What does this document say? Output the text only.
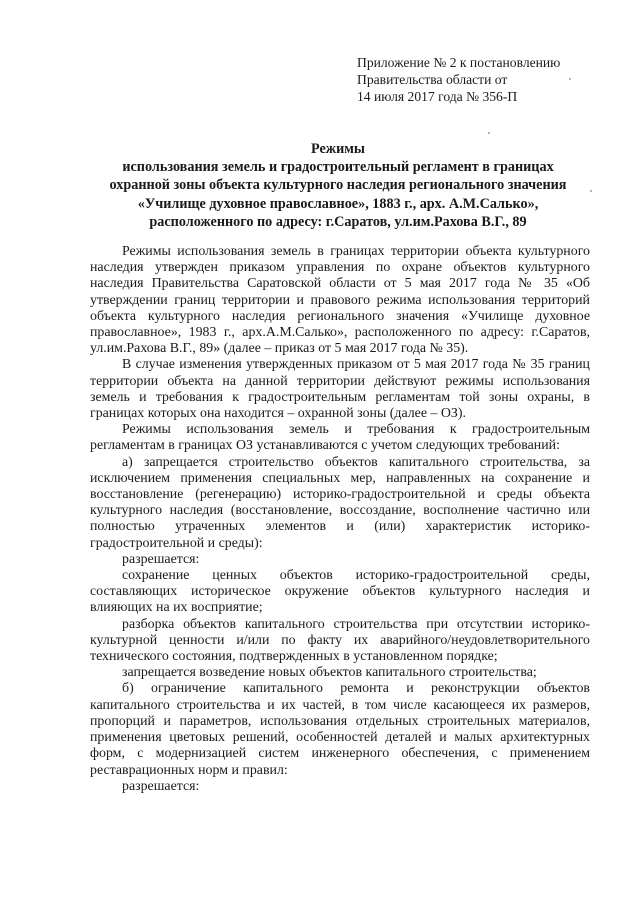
Приложение № 2 к постановлению
Правительства области от
14 июля 2017 года № 356-П
Режимы
использования земель и градостроительный регламент в границах
охранной зоны объекта культурного наследия регионального значения
«Училище духовное православное», 1883 г., арх. А.М.Салько»,
расположенного по адресу: г.Саратов, ул.им.Рахова В.Г., 89

Режимы использования земель в границах территории объекта культурного наследия утвержден приказом управления по охране объектов культурного наследия Правительства Саратовской области от 5 мая 2017 года № 35 «Об утверждении границ территории и правового режима использования территорий объекта культурного наследия регионального значения «Училище духовное православное», 1983 г., арх.А.М.Салько», расположенного по адресу: г.Саратов, ул.им.Рахова В.Г., 89» (далее – приказ от 5 мая 2017 года № 35).

В случае изменения утвержденных приказом от 5 мая 2017 года № 35 границ территории объекта на данной территории действуют режимы использования земель и требования к градостроительным регламентам той зоны охраны, в границах которых она находится – охранной зоны (далее – ОЗ).

Режимы использования земель и требования к градостроительным регламентам в границах ОЗ устанавливаются с учетом следующих требований:

а) запрещается строительство объектов капитального строительства, за исключением применения специальных мер, направленных на сохранение и восстановление (регенерацию) историко-градостроительной и среды объекта культурного наследия (восстановление, воссоздание, восполнение частично или полностью утраченных элементов и (или) характеристик историко-градостроительной и среды):

разрешается:

сохранение ценных объектов историко-градостроительной среды, составляющих историческое окружение объектов культурного наследия и влияющих на их восприятие;

разборка объектов капитального строительства при отсутствии историко-культурной ценности и/или по факту их аварийного/неудовлетворительного технического состояния, подтвержденных в установленном порядке;

запрещается возведение новых объектов капитального строительства;

б) ограничение капитального ремонта и реконструкции объектов капитального строительства и их частей, в том числе касающееся их размеров, пропорций и параметров, использования отдельных строительных материалов, применения цветовых решений, особенностей деталей и малых архитектурных форм, с модернизацией систем инженерного обеспечения, с применением реставрационных норм и правил:

разрешается:
